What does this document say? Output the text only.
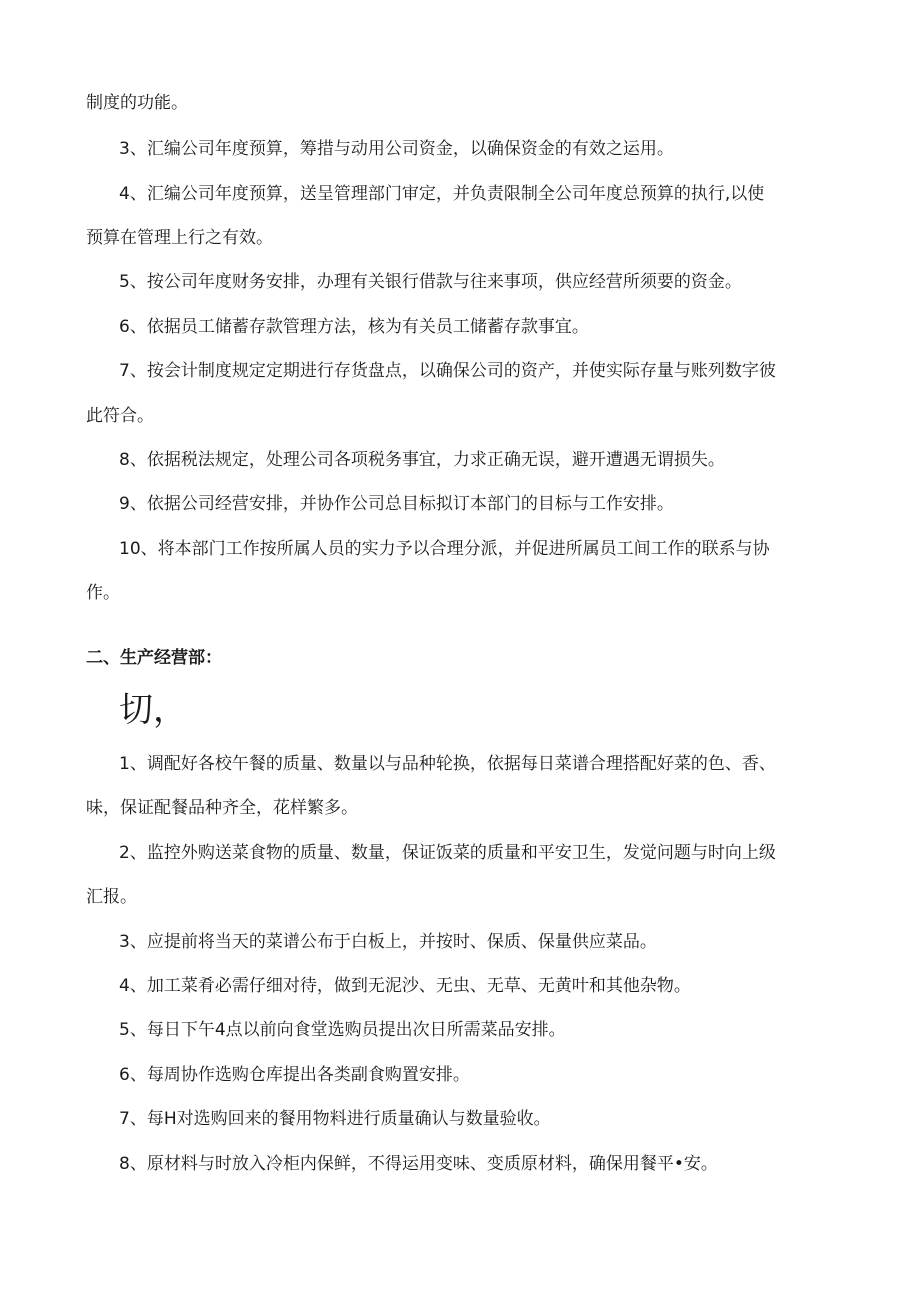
制度的功能。
3、汇编公司年度预算，筹措与动用公司资金，以确保资金的有效之运用。
4、汇编公司年度预算，送呈管理部门审定，并负责限制全公司年度总预算的执行,以使
预算在管理上行之有效。
5、按公司年度财务安排，办理有关银行借款与往来事项，供应经营所须要的资金。
6、依据员工储蓄存款管理方法，核为有关员工储蓄存款事宜。
7、按会计制度规定定期进行存货盘点，以确保公司的资产，并使实际存量与账列数字彼
此符合。
8、依据税法规定，处理公司各项税务事宜，力求正确无误，避开遭遇无谓损失。
9、依据公司经营安排，并协作公司总目标拟订本部门的目标与工作安排。
10、将本部门工作按所属人员的实力予以合理分派，并促进所属员工间工作的联系与协
作。
二、生产经营部：
切，
1、调配好各校午餐的质量、数量以与品种轮换，依据每日菜谱合理搭配好菜的色、香、
味，保证配餐品种齐全，花样繁多。
2、监控外购送菜食物的质量、数量，保证饭菜的质量和平安卫生，发觉问题与时向上级
汇报。
3、应提前将当天的菜谱公布于白板上，并按时、保质、保量供应菜品。
4、加工菜肴必需仔细对待，做到无泥沙、无虫、无草、无黄叶和其他杂物。
5、每日下午4点以前向食堂选购员提出次日所需菜品安排。
6、每周协作选购仓库提出各类副食购置安排。
7、每H对选购回来的餐用物料进行质量确认与数量验收。
8、原材料与时放入冷柜内保鲜，不得运用变味、变质原材料，确保用餐平•安。
